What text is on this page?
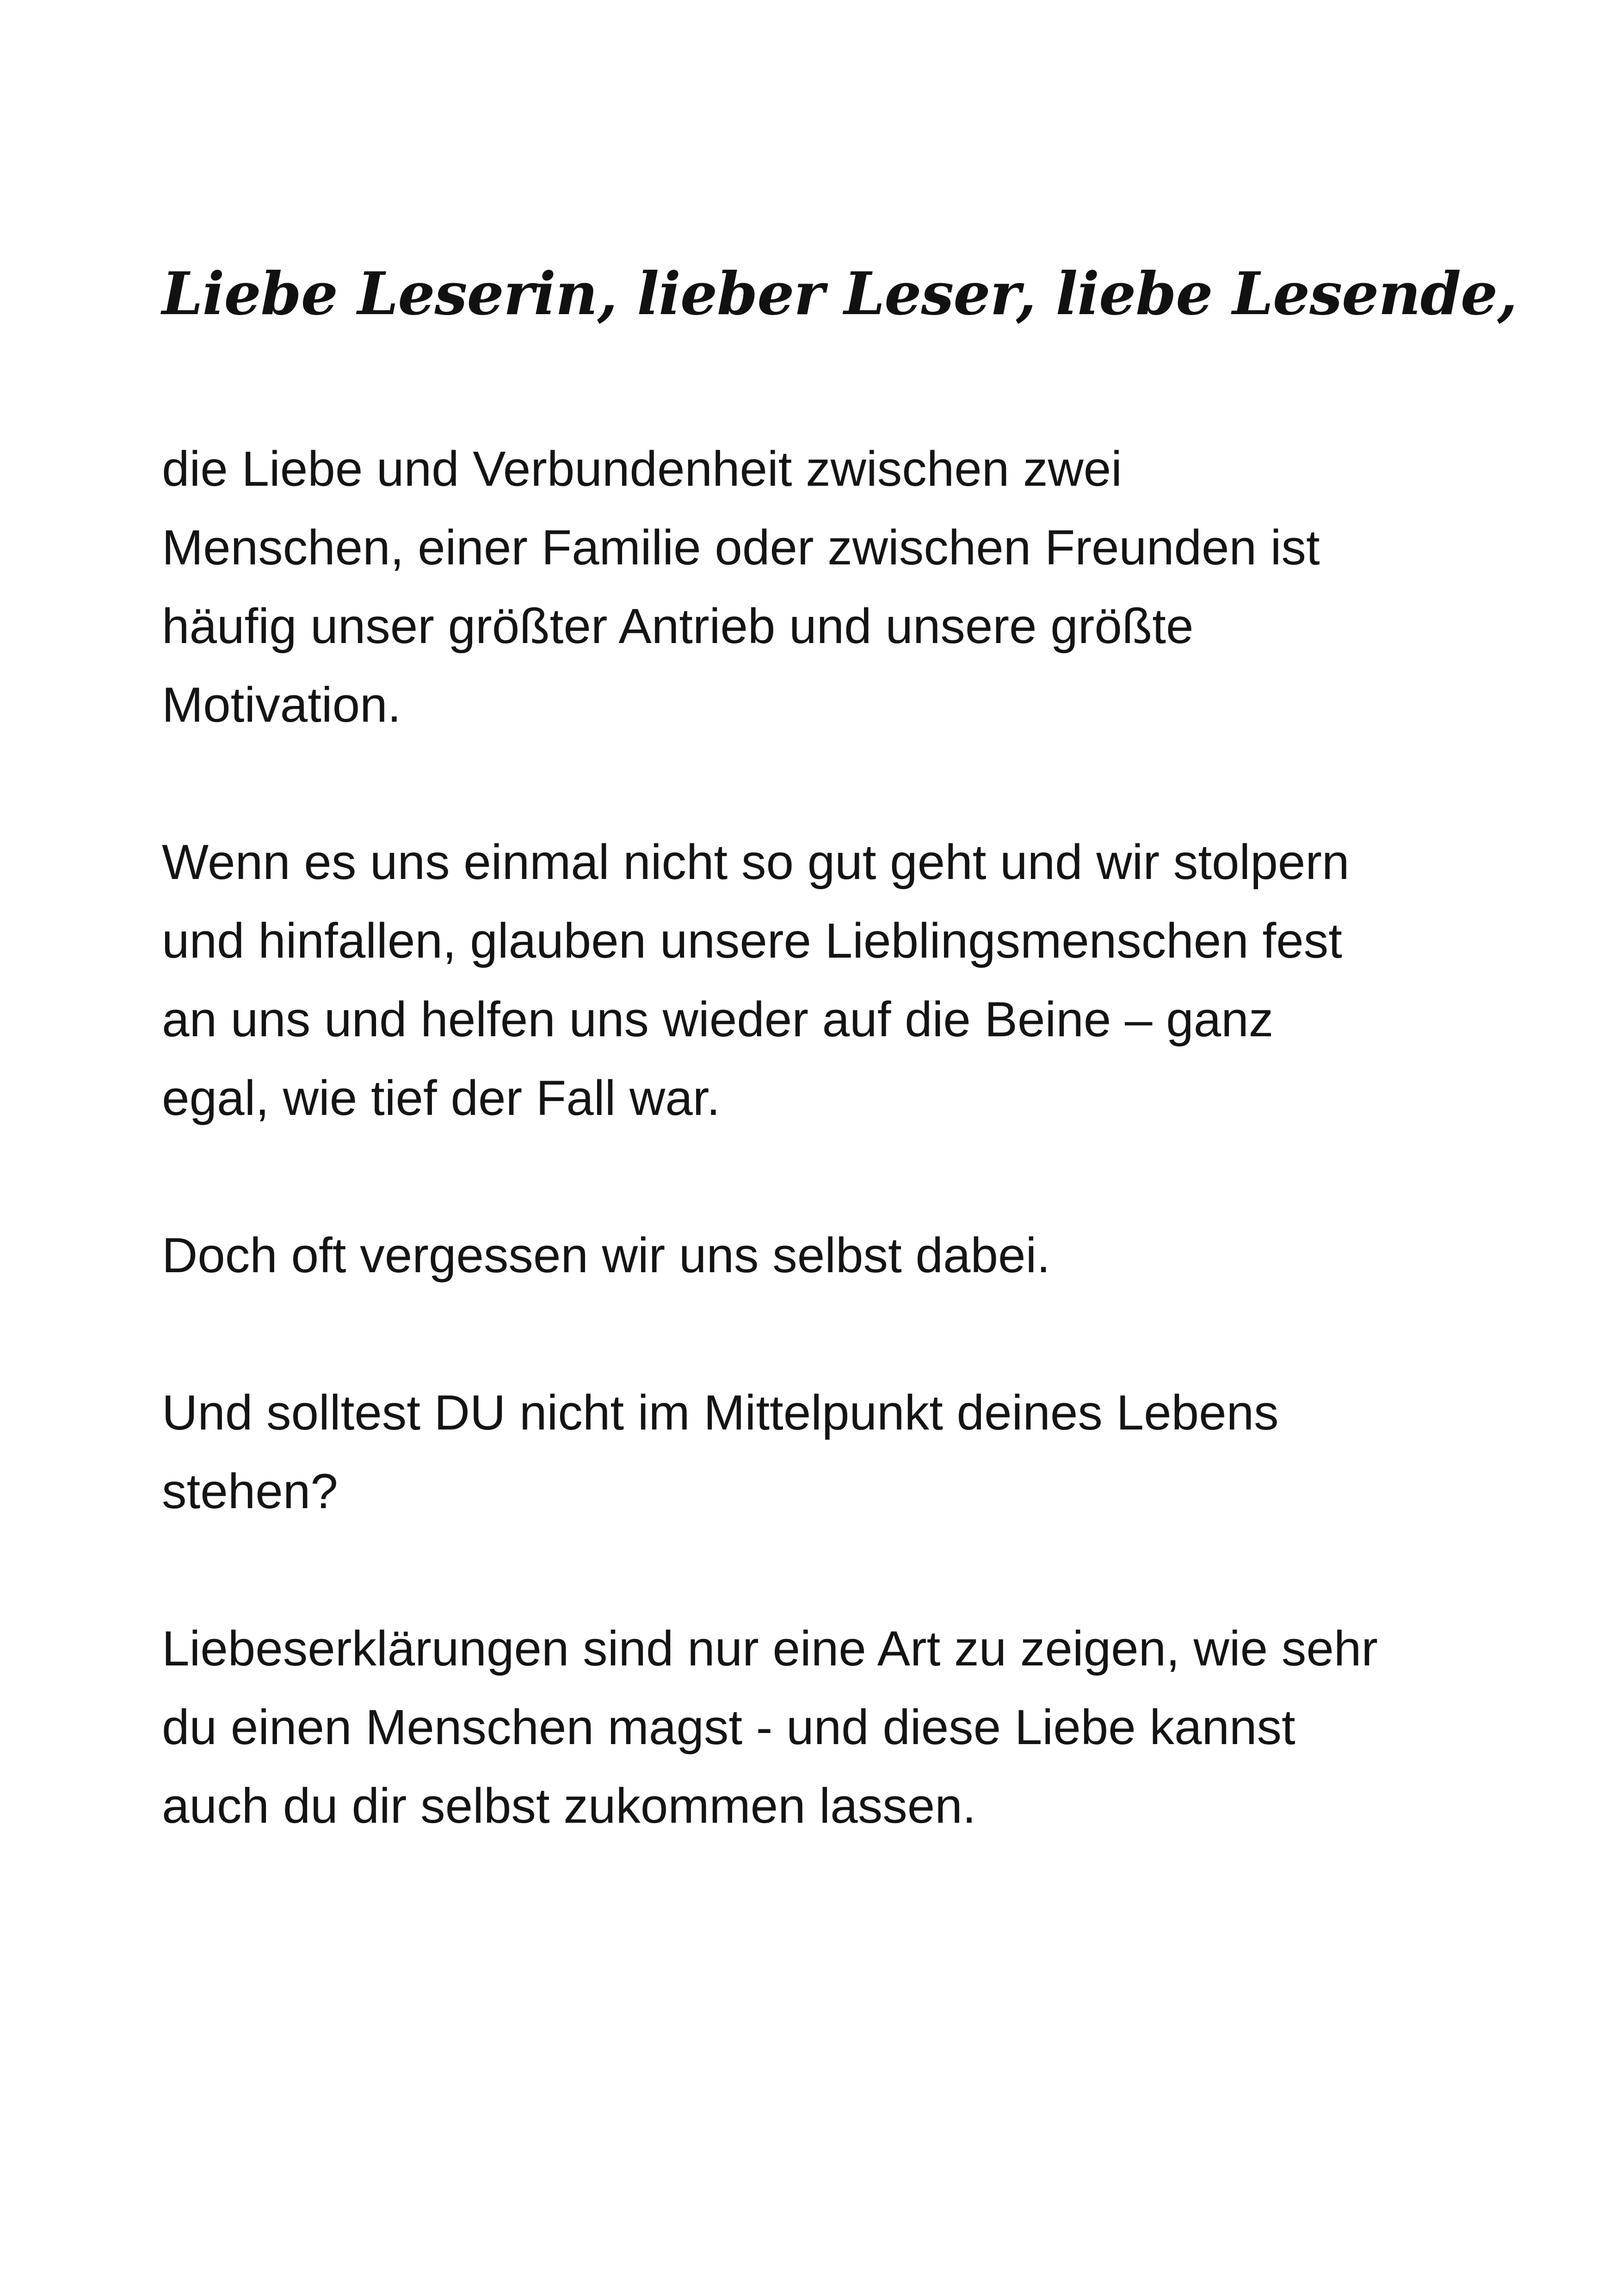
Liebe Leserin, lieber Leser, liebe Lesende,

die Liebe und Verbundenheit zwischen zwei
Menschen, einer Familie oder zwischen Freunden ist
häufig unser größter Antrieb und unsere größte
Motivation.

Wenn es uns einmal nicht so gut geht und wir stolpern
und hinfallen, glauben unsere Lieblingsmenschen fest
an uns und helfen uns wieder auf die Beine – ganz
egal, wie tief der Fall war.

Doch oft vergessen wir uns selbst dabei.

Und solltest DU nicht im Mittelpunkt deines Lebens
stehen?

Liebeserklärungen sind nur eine Art zu zeigen, wie sehr
du einen Menschen magst - und diese Liebe kannst
auch du dir selbst zukommen lassen.
